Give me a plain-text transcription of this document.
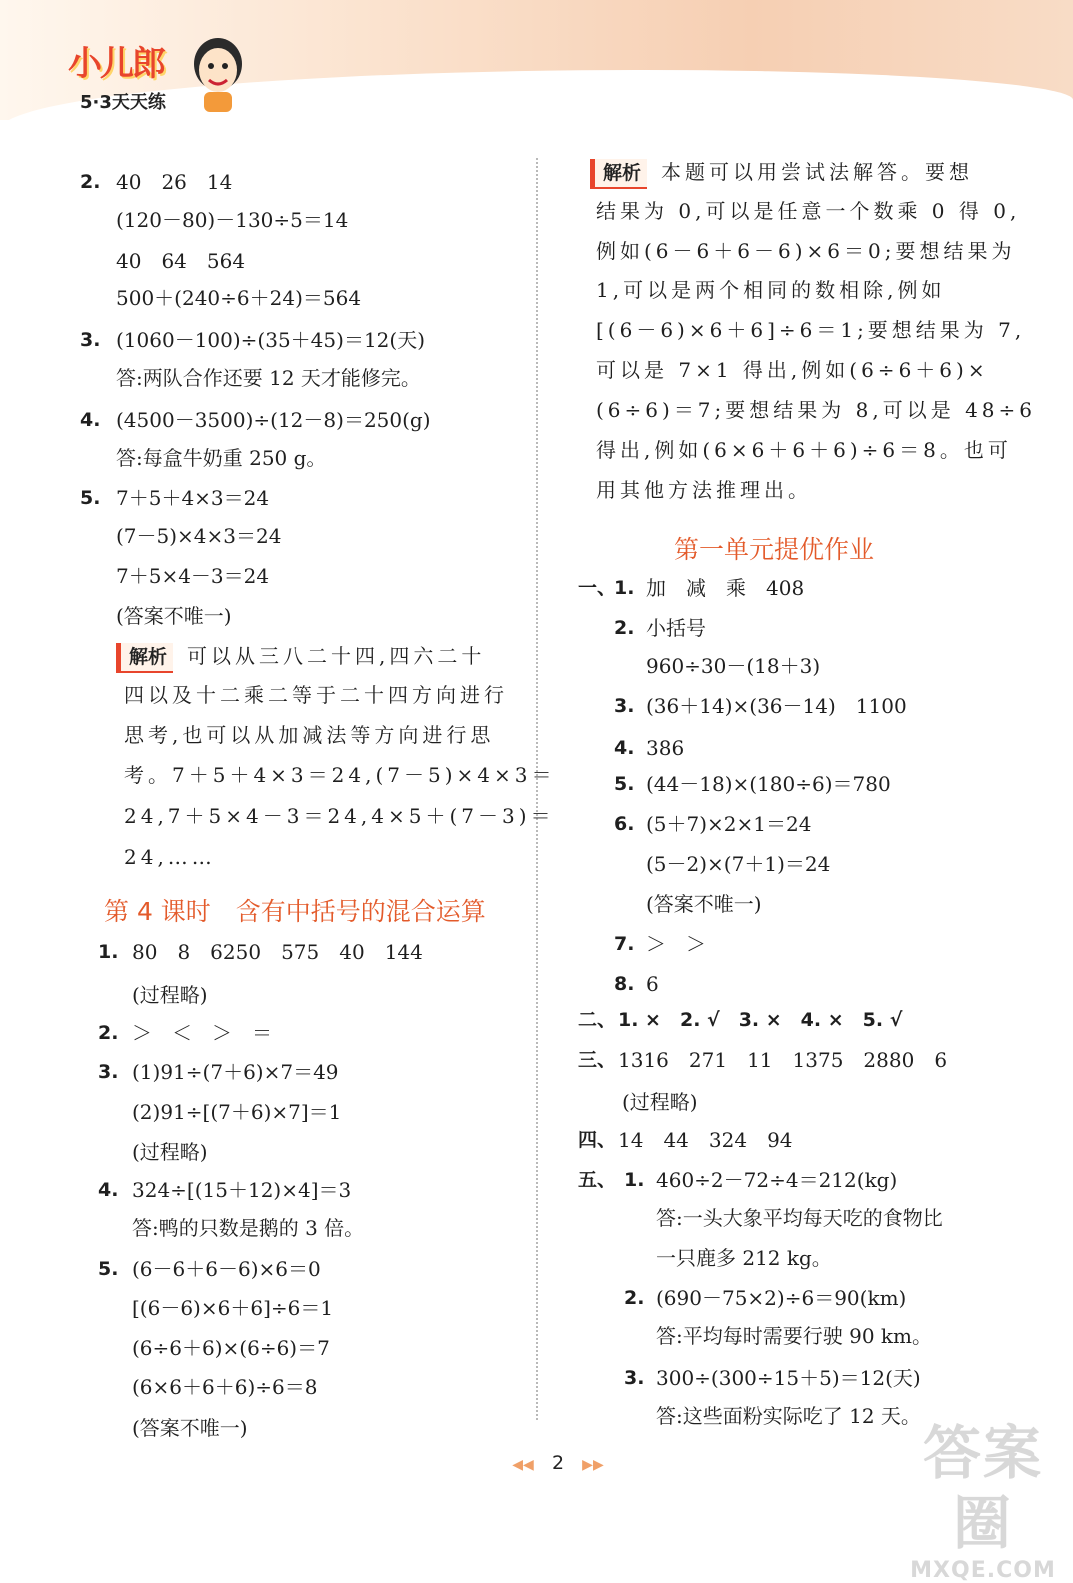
小儿郎
5·3天天练
2. 40　26　14
(120－80)－130÷5＝14
40　64　564
500＋(240÷6＋24)＝564
3. (1060－100)÷(35＋45)＝12(天)
答:两队合作还要 12 天才能修完。
4. (4500－3500)÷(12－8)＝250(g)
答:每盒牛奶重 250 g。
5. 7＋5＋4×3＝24
(7－5)×4×3＝24
7＋5×4－3＝24
(答案不唯一)
解析 可以从三八二十四,四六二十
四以及十二乘二等于二十四方向进行
思考,也可以从加减法等方向进行思
考。7＋5＋4×3＝24,(7－5)×4×3＝
24,7＋5×4－3＝24,4×5＋(7－3)＝
24,……
第 4 课时　含有中括号的混合运算
1. 80　8　6250　575　40　144
(过程略)
2. ＞　＜　＞　＝
3. (1)91÷(7＋6)×7＝49
(2)91÷[(7＋6)×7]＝1
(过程略)
4. 324÷[(15＋12)×4]＝3
答:鸭的只数是鹅的 3 倍。
5. (6－6＋6－6)×6＝0
[(6－6)×6＋6]÷6＝1
(6÷6＋6)×(6÷6)＝7
(6×6＋6＋6)÷6＝8
(答案不唯一)
解析 本题可以用尝试法解答。要想
结果为 0,可以是任意一个数乘 0 得 0,
例如(6－6＋6－6)×6＝0;要想结果为
1,可以是两个相同的数相除,例如
[(6－6)×6＋6]÷6＝1;要想结果为 7,
可以是 7×1 得出,例如(6÷6＋6)×
(6÷6)＝7;要想结果为 8,可以是 48÷6
得出,例如(6×6＋6＋6)÷6＝8。也可
用其他方法推理出。
第一单元提优作业
一、
1. 加　减　乘　408
2. 小括号
960÷30－(18＋3)
3. (36＋14)×(36－14)　1100
4. 386
5. (44－18)×(180÷6)＝780
6. (5＋7)×2×1＝24
(5－2)×(7＋1)＝24
(答案不唯一)
7. ＞　＞
8. 6
二、 1. ×　2. √　3. ×　4. ×　5. √
三、 1316　271　11　1375　2880　6
(过程略)
四、 14　44　324　94
五、 1. 460÷2－72÷4＝212(kg)
答:一头大象平均每天吃的食物比
一只鹿多 212 kg。
2. (690－75×2)÷6＝90(km)
答:平均每时需要行驶 90 km。
3. 300÷(300÷15＋5)＝12(天)
答:这些面粉实际吃了 12 天。
◀◀ 2 ▶▶	答案圈
MXQE.COM
